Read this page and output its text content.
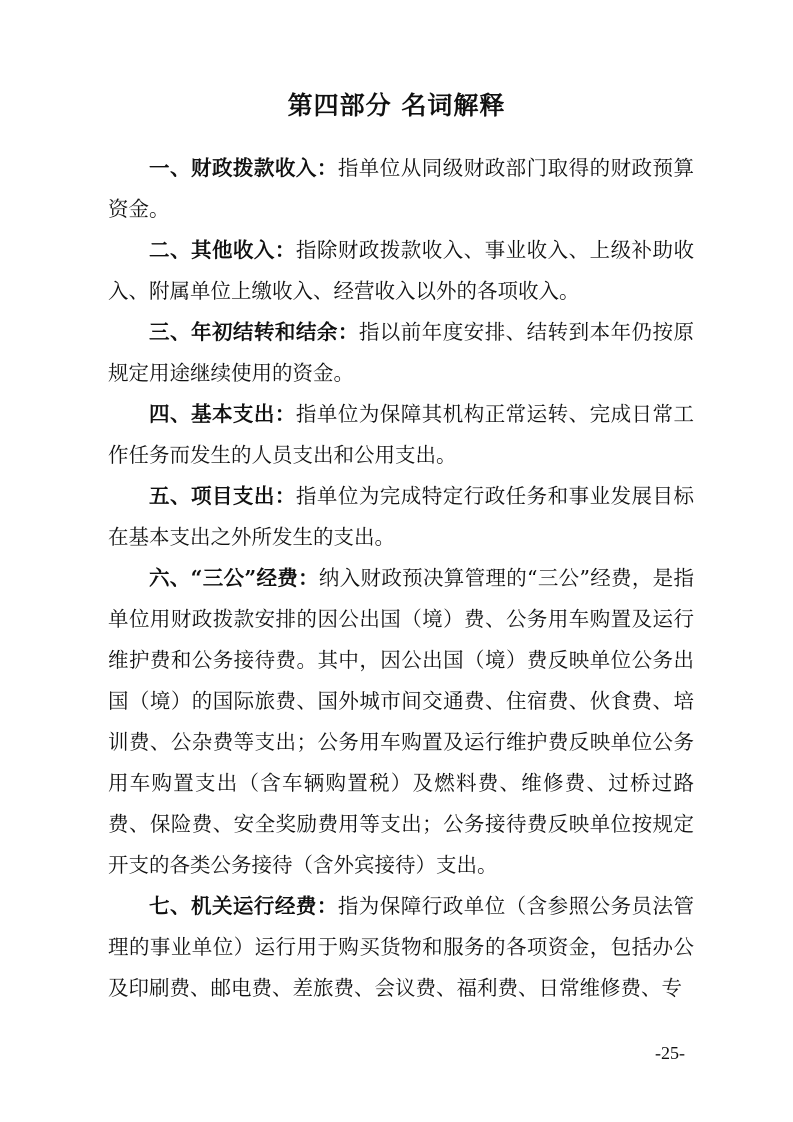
第四部分 名词解释

一、财政拨款收入：指单位从同级财政部门取得的财政预算资金。

二、其他收入：指除财政拨款收入、事业收入、上级补助收入、附属单位上缴收入、经营收入以外的各项收入。

三、年初结转和结余：指以前年度安排、结转到本年仍按原规定用途继续使用的资金。

四、基本支出：指单位为保障其机构正常运转、完成日常工作任务而发生的人员支出和公用支出。

五、项目支出：指单位为完成特定行政任务和事业发展目标在基本支出之外所发生的支出。

六、“三公”经费：纳入财政预决算管理的“三公”经费，是指单位用财政拨款安排的因公出国（境）费、公务用车购置及运行维护费和公务接待费。其中，因公出国（境）费反映单位公务出国（境）的国际旅费、国外城市间交通费、住宿费、伙食费、培训费、公杂费等支出；公务用车购置及运行维护费反映单位公务用车购置支出（含车辆购置税）及燃料费、维修费、过桥过路费、保险费、安全奖励费用等支出；公务接待费反映单位按规定开支的各类公务接待（含外宾接待）支出。

七、机关运行经费：指为保障行政单位（含参照公务员法管理的事业单位）运行用于购买货物和服务的各项资金，包括办公及印刷费、邮电费、差旅费、会议费、福利费、日常维修费、专

-25-
